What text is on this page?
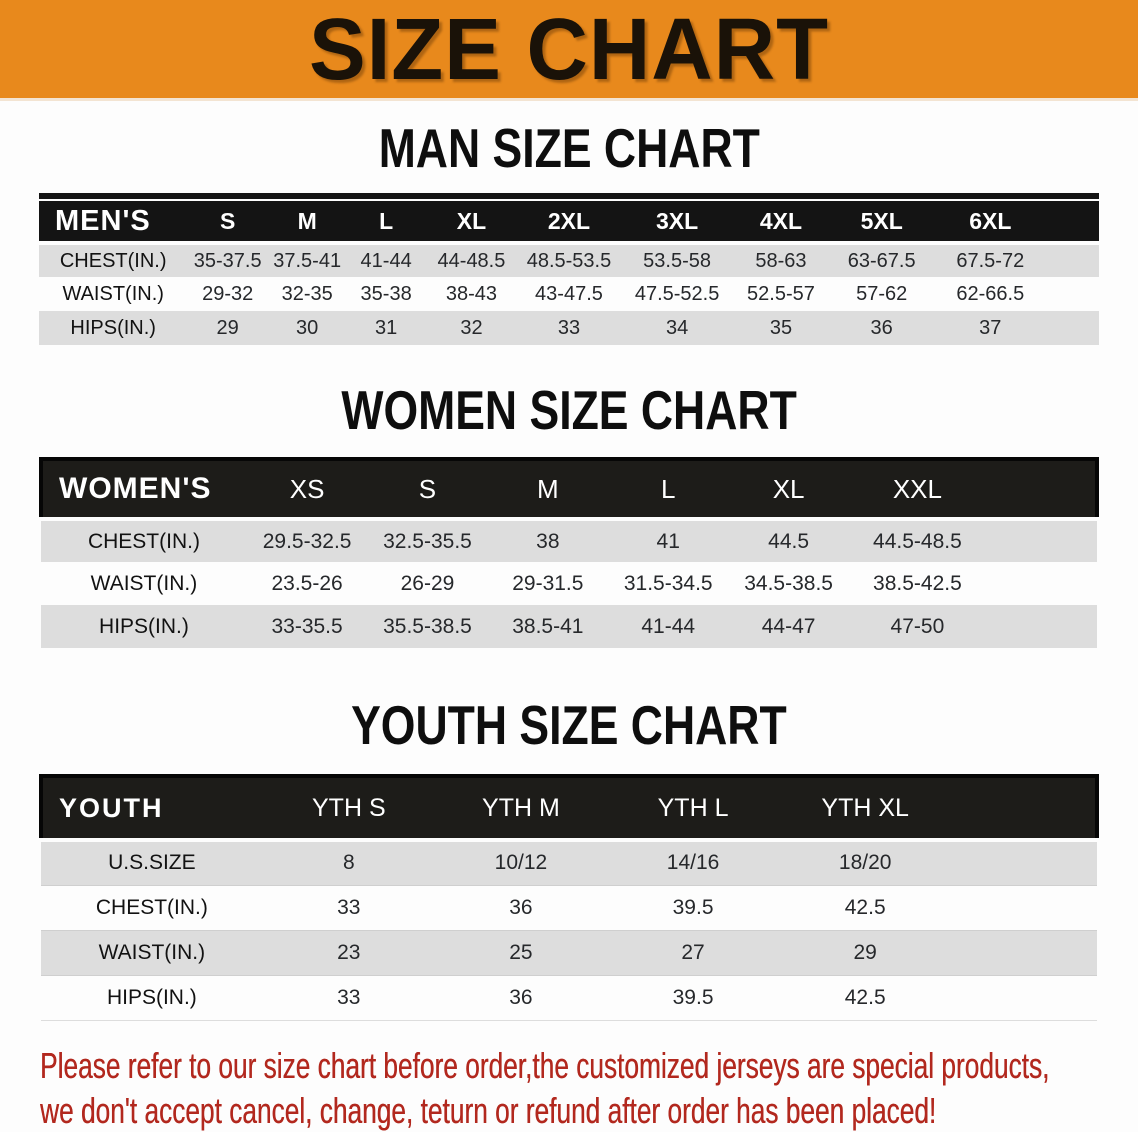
SIZE CHART
MAN SIZE CHART
MEN'S	S	M	L	XL	2XL	3XL	4XL	5XL	6XL	
CHEST(IN.)	35-37.5	37.5-41	41-44	44-48.5	48.5-53.5	53.5-58	58-63	63-67.5	67.5-72	
WAIST(IN.)	29-32	32-35	35-38	38-43	43-47.5	47.5-52.5	52.5-57	57-62	62-66.5	
HIPS(IN.)	29	30	31	32	33	34	35	36	37	
WOMEN SIZE CHART
WOMEN'S	XS	S	M	L	XL	XXL	
CHEST(IN.)	29.5-32.5	32.5-35.5	38	41	44.5	44.5-48.5	
WAIST(IN.)	23.5-26	26-29	29-31.5	31.5-34.5	34.5-38.5	38.5-42.5	
HIPS(IN.)	33-35.5	35.5-38.5	38.5-41	41-44	44-47	47-50	
YOUTH SIZE CHART
YOUTH	YTH S	YTH M	YTH L	YTH XL	
U.S.SIZE	8	10/12	14/16	18/20	
CHEST(IN.)	33	36	39.5	42.5	
WAIST(IN.)	23	25	27	29	
HIPS(IN.)	33	36	39.5	42.5	

Please refer to our size chart before order,the customized jerseys are special products,
we don't accept cancel, change, teturn or refund after order has been placed!
